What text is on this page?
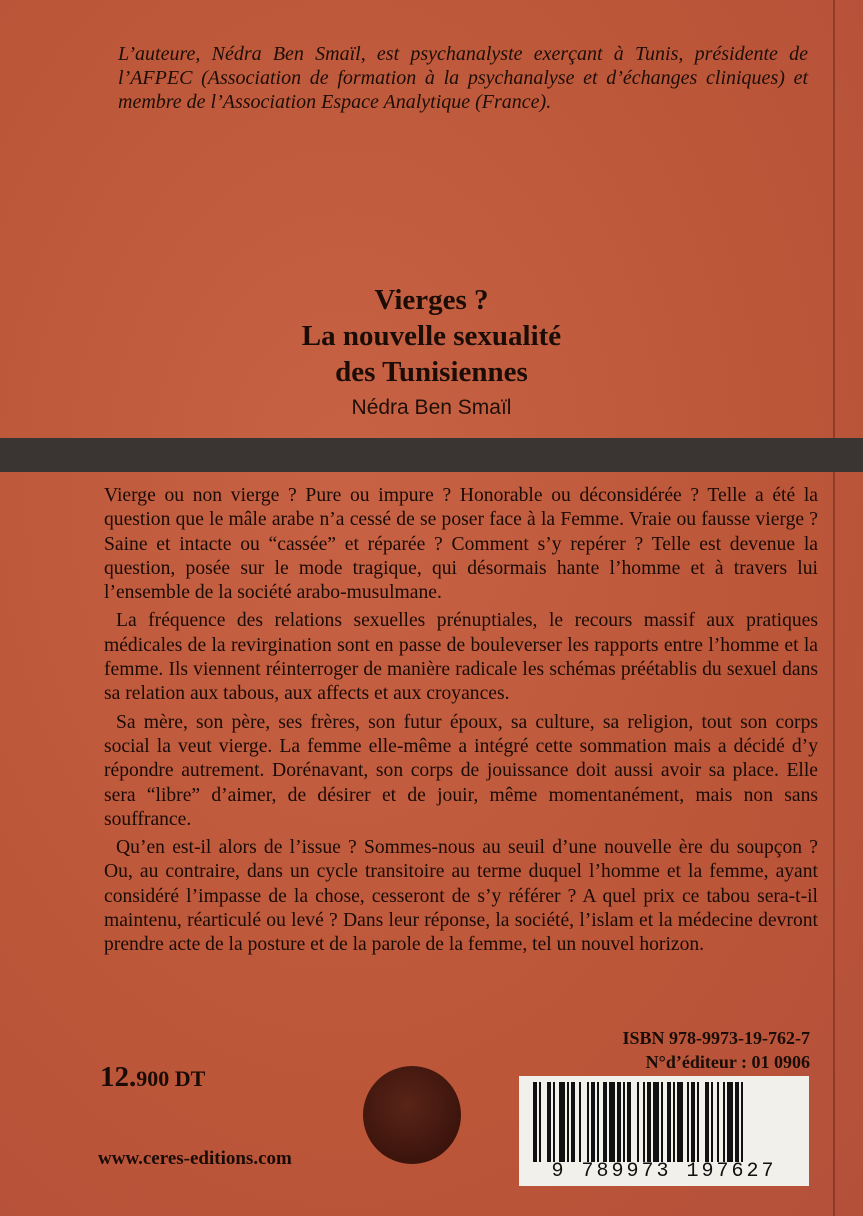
L’auteure, Nédra Ben Smaïl, est psychanalyste exerçant à Tunis, présidente de l’AFPEC (Association de formation à la psychanalyse et d’échanges cliniques) et membre de l’Association Espace Analytique (France).
Vierges ?
La nouvelle sexualité
des Tunisiennes
Nédra Ben Smaïl

Vierge ou non vierge ? Pure ou impure ? Honorable ou déconsidérée ? Telle a été la question que le mâle arabe n’a cessé de se poser face à la Femme. Vraie ou fausse vierge ? Saine et intacte ou “cassée” et réparée ? Comment s’y repérer ? Telle est devenue la question, posée sur le mode tragique, qui désormais hante l’homme et à travers lui l’ensemble de la société arabo-musulmane.

La fréquence des relations sexuelles prénuptiales, le recours massif aux pratiques médicales de la revirgination sont en passe de bouleverser les rapports entre l’homme et la femme. Ils viennent réinterroger de manière radicale les schémas préétablis du sexuel dans sa relation aux tabous, aux affects et aux croyances.

Sa mère, son père, ses frères, son futur époux, sa culture, sa religion, tout son corps social la veut vierge. La femme elle-même a intégré cette sommation mais a décidé d’y répondre autrement. Dorénavant, son corps de jouissance doit aussi avoir sa place. Elle sera “libre” d’aimer, de désirer et de jouir, même momentanément, mais non sans souffrance.

Qu’en est-il alors de l’issue ? Sommes-nous au seuil d’une nouvelle ère du soupçon ? Ou, au contraire, dans un cycle transitoire au terme duquel l’homme et la femme, ayant considéré l’impasse de la chose, cesseront de s’y référer ? A quel prix ce tabou sera-t-il maintenu, réarticulé ou levé ? Dans leur réponse, la société, l’islam et la médecine devront prendre acte de la posture et de la parole de la femme, tel un nouvel horizon.

ISBN 978-9973-19-762-7
N°d’éditeur : 01 0906
12.900 DT
9 789973 197627
www.ceres-editions.com
